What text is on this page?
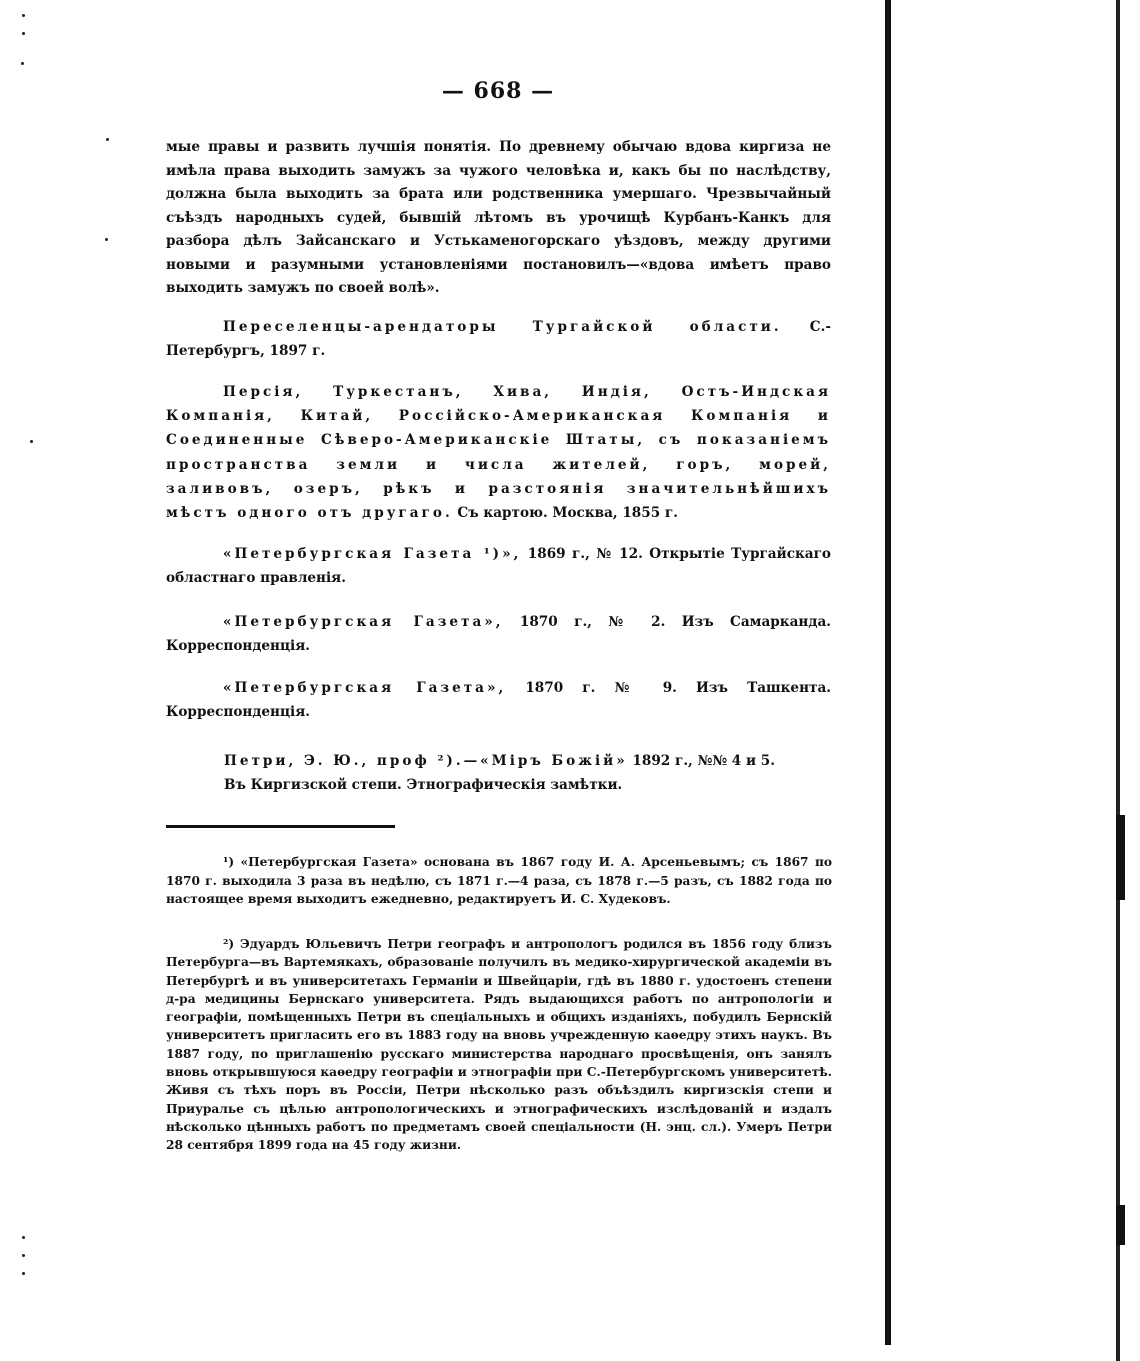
— 668 —
мые правы и развить лучшія понятія. По древнему обычаю вдова киргиза не имѣла права выходить замужъ за чужого человѣка и, какъ бы по наслѣдству, должна была выходить за брата или родственника умершаго. Чрезвычайный съѣздъ народныхъ судей, бывшій лѣтомъ въ урочищѣ Курбанъ-Канкъ для разбора дѣлъ Зайсанскаго и Устькаменогорскаго уѣздовъ, между другими новыми и разумными установленіями постановилъ—«вдова имѣетъ право выходить замужъ по своей волѣ».
Переселенцы-арендаторы Тургайской области. С.-Петербургъ, 1897 г.
Персія, Туркестанъ, Хива, Индія, Остъ-Индская Компанія, Китай, Россійско-Американская Компанія и Соединенные Сѣверо-Американскіе Штаты, съ показаніемъ пространства земли и числа жителей, горъ, морей, заливовъ, озеръ, рѣкъ и разстоянія значительнѣйшихъ мѣстъ одного отъ другаго. Съ картою. Москва, 1855 г.
«Петербургская Газета ¹)», 1869 г., № 12. Открытіе Тургайскаго областнаго правленія.
«Петербургская Газета», 1870 г., № 2. Изъ Самарканда. Корреспонденція.
«Петербургская Газета», 1870 г. № 9. Изъ Ташкента. Корреспонденція.
Петри, Э. Ю., проф ²).—«Міръ Божій» 1892 г., №№ 4 и 5.
Въ Киргизской степи. Этнографическія замѣтки.
¹) «Петербургская Газета» основана въ 1867 году И. А. Арсеньевымъ; съ 1867 по 1870 г. выходила 3 раза въ недѣлю, съ 1871 г.—4 раза, съ 1878 г.—5 разъ, съ 1882 года по настоящее время выходитъ ежедневно, редактируетъ И. С. Худековъ.
²) Эдуардъ Юльевичъ Петри географъ и антропологъ родился въ 1856 году близъ Петербурга—въ Вартемякахъ, образованіе получилъ въ медико-хирургической академіи въ Петербургѣ и въ университетахъ Германіи и Швейцаріи, гдѣ въ 1880 г. удостоенъ степени д-ра медицины Бернскаго университета. Рядъ выдающихся работъ по антропологіи и географіи, помѣщенныхъ Петри въ спеціальныхъ и общихъ изданіяхъ, побудилъ Бернскій университетъ пригласить его въ 1883 году на вновь учрежденную каѳедру этихъ наукъ. Въ 1887 году, по приглашенію русскаго министерства народнаго просвѣщенія, онъ занялъ вновь открывшуюся каѳедру географіи и этнографіи при С.-Петербургскомъ университетѣ. Живя съ тѣхъ поръ въ Россіи, Петри нѣсколько разъ объѣздилъ киргизскія степи и Приуралье съ цѣлью антропологическихъ и этнографическихъ изслѣдованій и издалъ нѣсколько цѣнныхъ работъ по предметамъ своей спеціальности (Н. энц. сл.). Умеръ Петри 28 сентября 1899 года на 45 году жизни.
